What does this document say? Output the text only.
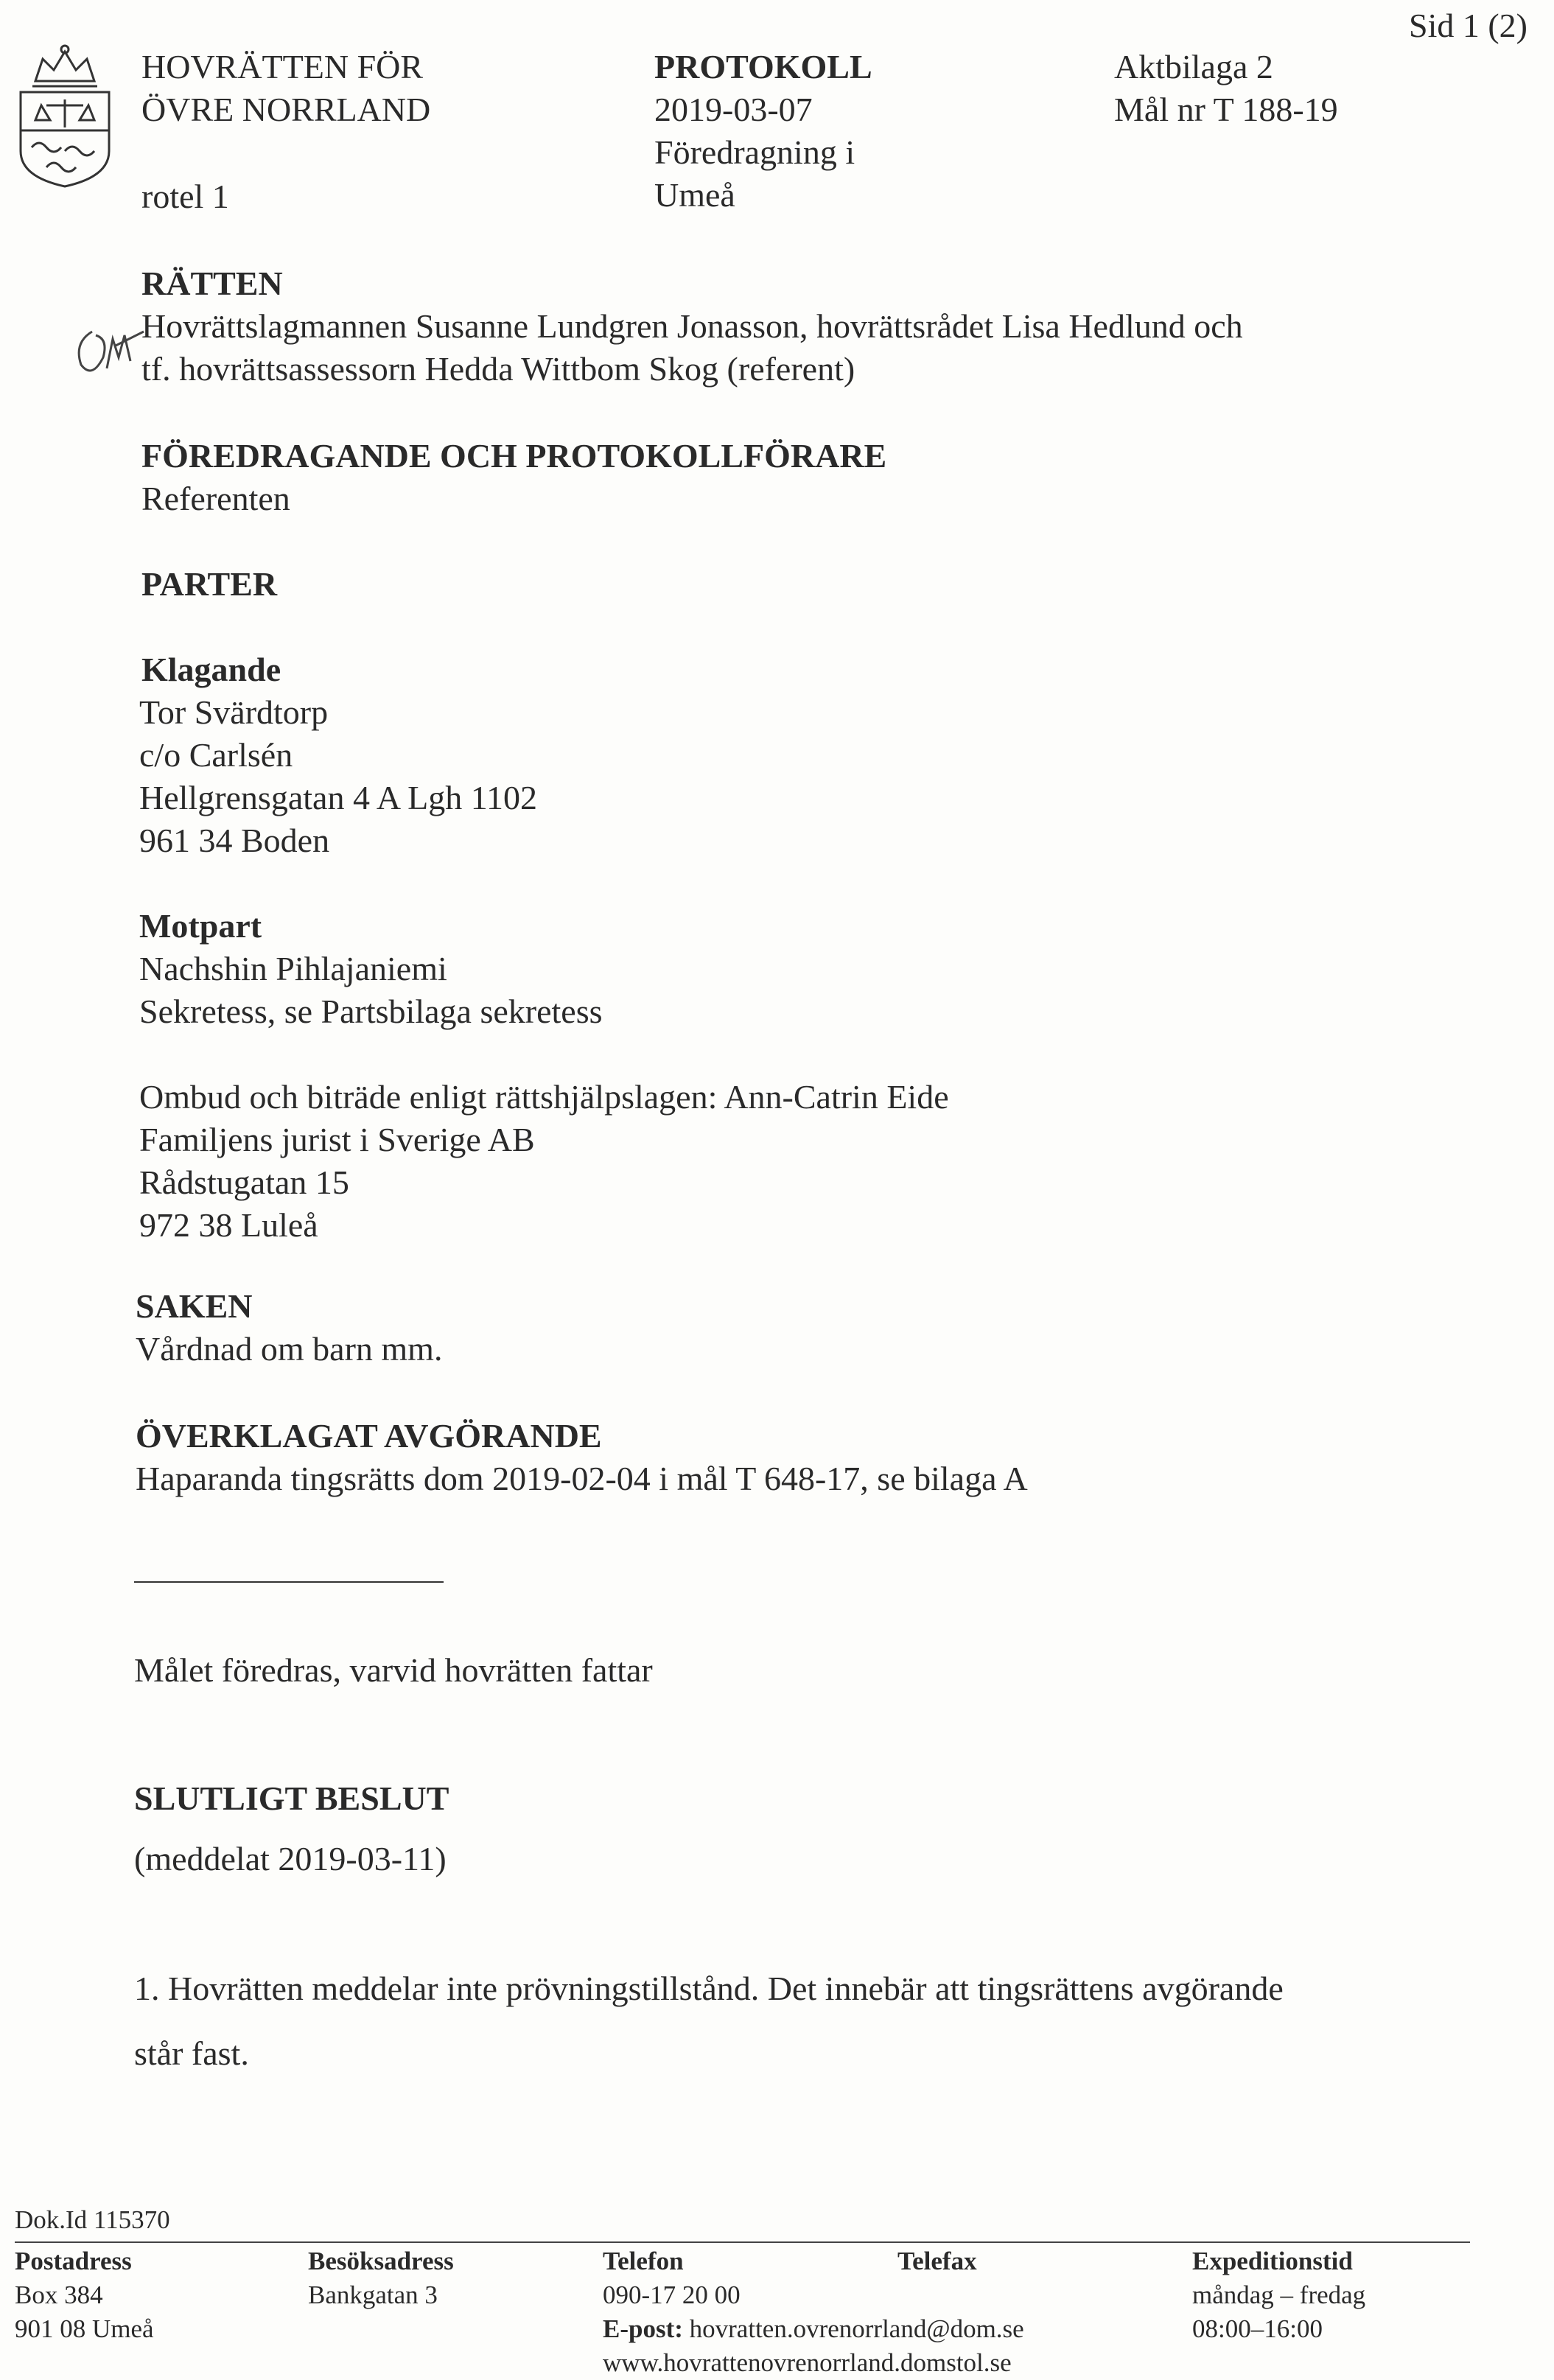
Sid 1 (2)
HOVRÄTTEN FÖR
ÖVRE NORRLAND
rotel 1
PROTOKOLL
2019-03-07
Föredragning i
Umeå
Aktbilaga 2
Mål nr T 188-19
RÄTTEN
Hovrättslagmannen Susanne Lundgren Jonasson, hovrättsrådet Lisa Hedlund och
tf. hovrättsassessorn Hedda Wittbom Skog (referent)
FÖREDRAGANDE OCH PROTOKOLLFÖRARE
Referenten
PARTER
Klagande
Tor Svärdtorp
c/o Carlsén
Hellgrensgatan 4 A Lgh 1102
961 34 Boden
Motpart
Nachshin Pihlajaniemi
Sekretess, se Partsbilaga sekretess
Ombud och biträde enligt rättshjälpslagen: Ann-Catrin Eide
Familjens jurist i Sverige AB
Rådstugatan 15
972 38 Luleå
SAKEN
Vårdnad om barn mm.
ÖVERKLAGAT AVGÖRANDE
Haparanda tingsrätts dom 2019-02-04 i mål T 648-17, se bilaga A
Målet föredras, varvid hovrätten fattar
SLUTLIGT BESLUT
(meddelat 2019-03-11)
1. Hovrätten meddelar inte prövningstillstånd. Det innebär att tingsrättens avgörande
står fast.
Dok.Id 115370
Postadress
Box 384
901 08 Umeå
Besöksadress
Bankgatan 3
Telefon
090-17 20 00
E-post: hovratten.ovrenorrland@dom.se
www.hovrattenovrenorrland.domstol.se
Telefax	Expeditionstid
måndag – fredag
08:00–16:00
